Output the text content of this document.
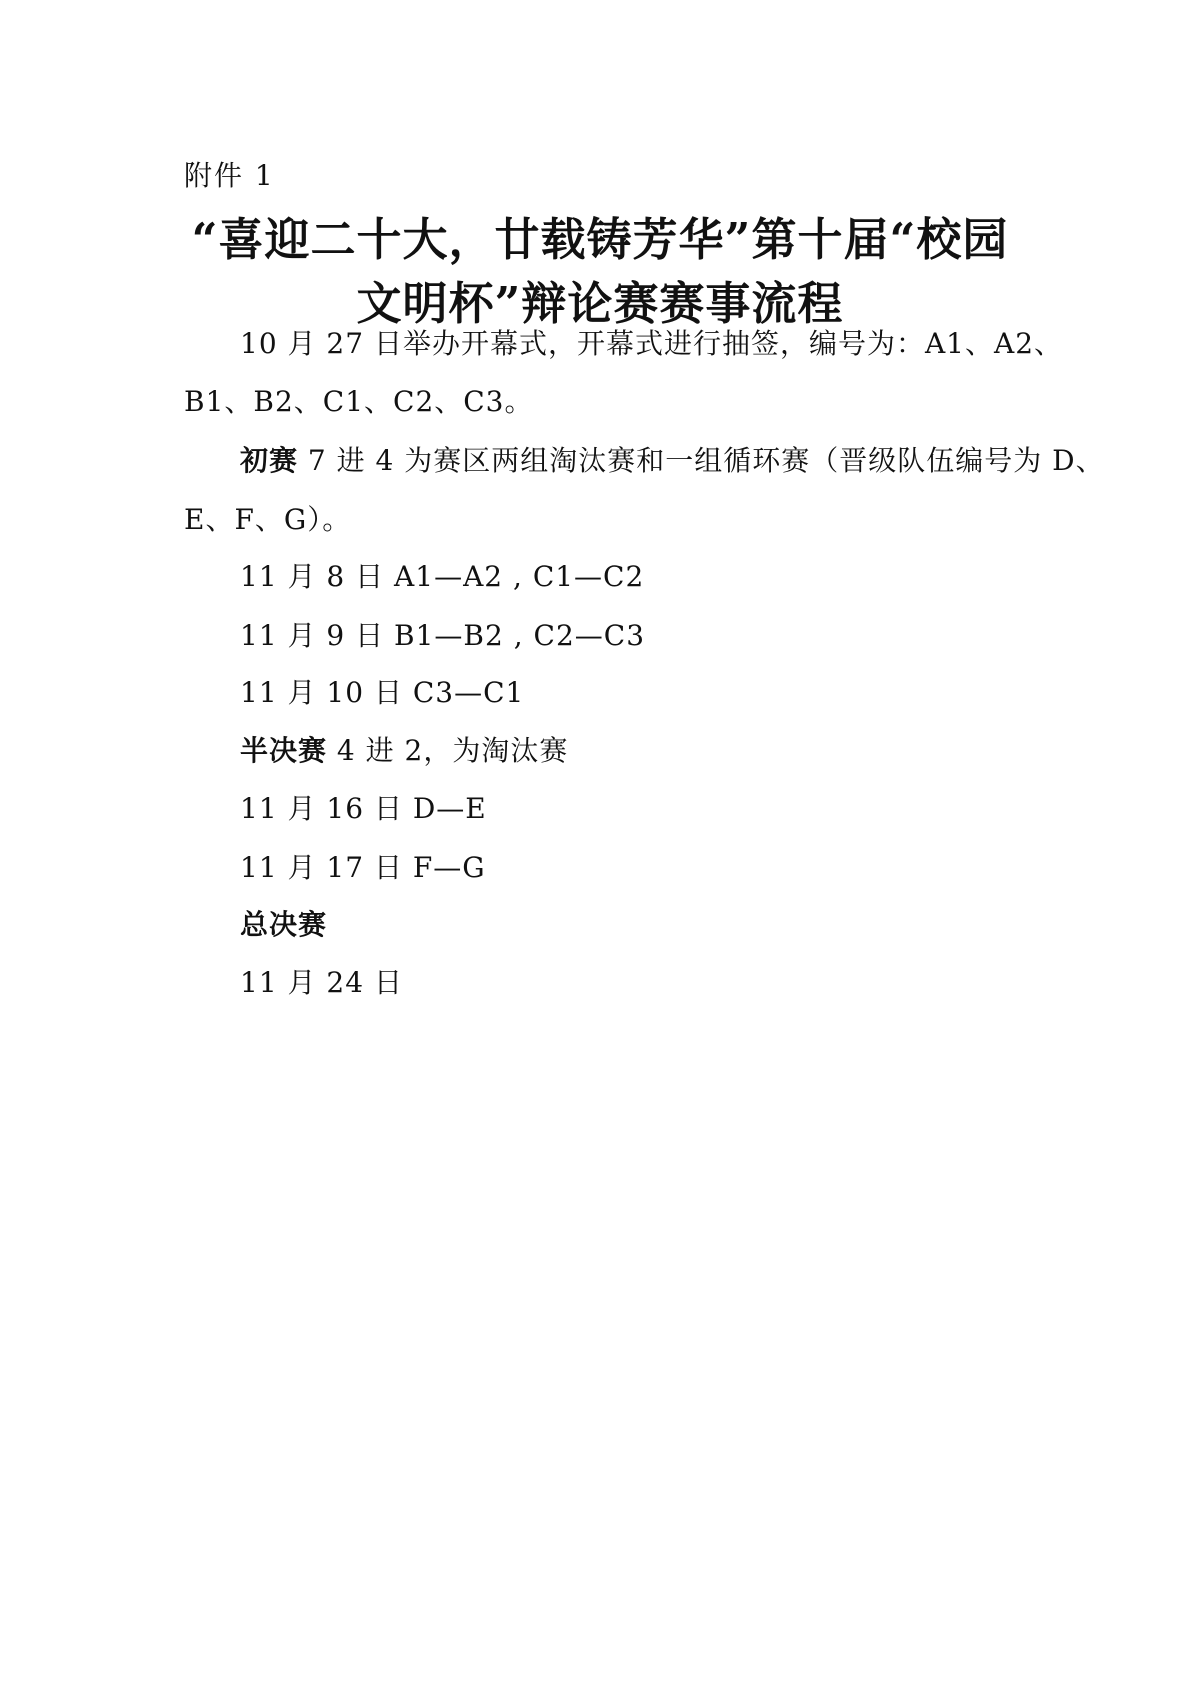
附件 1
“喜迎二十大，廿载铸芳华”第十届“校园
文明杯”辩论赛赛事流程
10 月 27 日举办开幕式，开幕式进行抽签，编号为：A1、A2、
B1、B2、C1、C2、C3。
初赛 7 进 4 为赛区两组淘汰赛和一组循环赛（晋级队伍编号为 D、
E、F、G）。
11 月 8 日 A1—A2 , C1—C2
11 月 9 日 B1—B2 , C2—C3
11 月 10 日 C3—C1
半决赛 4 进 2，为淘汰赛
11 月 16 日 D—E
11 月 17 日 F—G
总决赛
11 月 24 日
